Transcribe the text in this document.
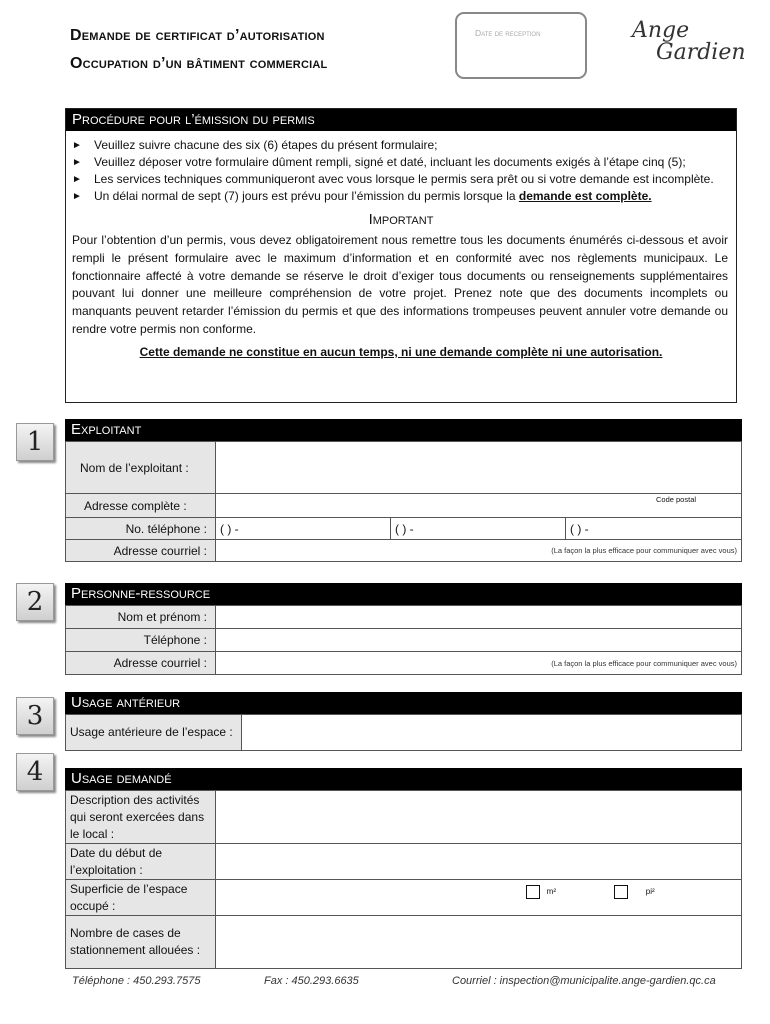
Demande de certificat d’autorisation
Occupation d’un bâtiment commercial
Date de reception	Ange
Gardien
Procédure pour l’émission du permis
► Veuillez suivre chacune des six (6) étapes du présent formulaire;
► Veuillez déposer votre formulaire dûment rempli, signé et daté, incluant les documents exigés à l’étape cinq (5);
► Les services techniques communiqueront avec vous lorsque le permis sera prêt ou si votre demande est incomplète.
► Un délai normal de sept (7) jours est prévu pour l’émission du permis lorsque la demande est complète.
Important

Pour l’obtention d’un permis, vous devez obligatoirement nous remettre tous les documents énumérés ci-dessous et avoir rempli le présent formulaire avec le maximum d’information et en conformité avec nos règlements municipaux. Le fonctionnaire affecté à votre demande se réserve le droit d’exiger tous documents ou renseignements supplémentaires pouvant lui donner une meilleure compréhension de votre projet. Prenez note que des documents incomplets ou manquants peuvent retarder l’émission du permis et que des informations trompeuses peuvent annuler votre demande ou rendre votre permis non conforme.

Cette demande ne constitue en aucun temps, ni une demande complète ni une autorisation.
1	Exploitant
Nom de l’exploitant :			
Adresse complète :	Code postal		

No. téléphone :	( ) -	( ) -	( ) -
Adresse courriel :	(La façon la plus efficace pour communiquer avec vous)		
2	Personne-ressource
Nom et prénom :	
Téléphone :	
Adresse courriel :	(La façon la plus efficace pour communiquer avec vous)
3	Usage antérieur
Usage antérieure de l’espace :	
4	Usage demandé
Description des activités qui seront exercées dans le local :	
Date du début de l’exploitation :	
Superficie de l’espace occupé :	m² pi²

Nombre de cases de stationnement allouées :	
Téléphone : 450.293.7575	Fax : 450.293.6635	Courriel : inspection@municipalite.ange-gardien.qc.ca
